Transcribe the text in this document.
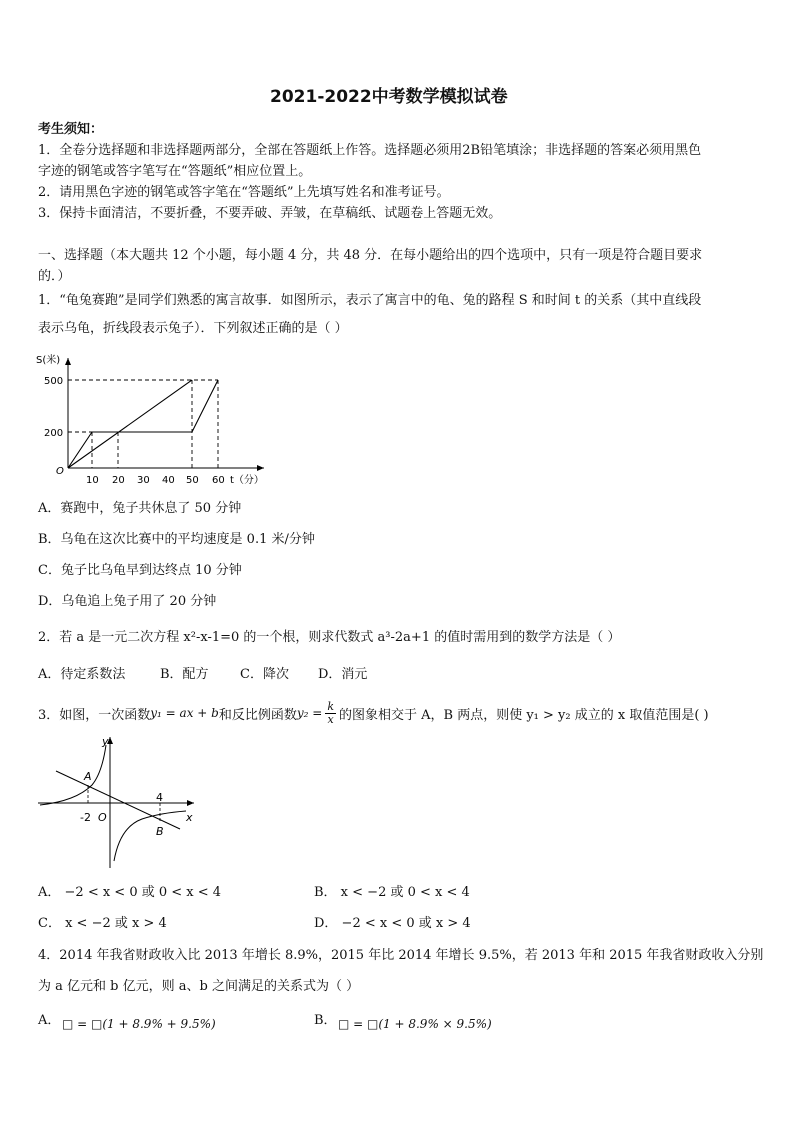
2021-2022中考数学模拟试卷
考生须知：
1．全卷分选择题和非选择题两部分，全部在答题纸上作答。选择题必须用2B铅笔填涂；非选择题的答案必须用黑色
字迹的钢笔或答字笔写在“答题纸”相应位置上。
2．请用黑色字迹的钢笔或答字笔在“答题纸”上先填写姓名和准考证号。
3．保持卡面清洁，不要折叠，不要弄破、弄皱，在草稿纸、试题卷上答题无效。
一、选择题（本大题共 12 个小题，每小题 4 分，共 48 分．在每小题给出的四个选项中，只有一项是符合题目要求
的．）
1．“龟兔赛跑”是同学们熟悉的寓言故事．如图所示，表示了寓言中的龟、兔的路程 S 和时间 t 的关系（其中直线段
表示乌龟，折线段表示兔子）．下列叙述正确的是（ ）
S(米)
500
200
O
10 20 30 40 50 60 t（分）
A．赛跑中，兔子共休息了 50 分钟
B．乌龟在这次比赛中的平均速度是 0.1 米/分钟
C．兔子比乌龟早到达终点 10 分钟
D．乌龟追上兔子用了 20 分钟
2．若 a 是一元二次方程 x²-x-1=0 的一个根，则求代数式 a³-2a+1 的值时需用到的数学方法是（ ）
A．待定系数法	B．配方 C．降次 D．消元
3．如图，一次函数 y₁ = ax + b 和反比例函数 $y_2 = \frac{k}{x}$ 的图象相交于 A，B 两点，则使 y₁ > y₂ 成立的 x 取值范围是( )
y
x
A
B
-2
4
O
A． −2 < x < 0 或 0 < x < 4	B． x < −2 或 0 < x < 4
C． x < −2 或 x > 4	D． −2 < x < 0 或 x > 4
4．2014 年我省财政收入比 2013 年增长 8.9%，2015 年比 2014 年增长 9.5%，若 2013 年和 2015 年我省财政收入分别
为 a 亿元和 b 亿元，则 a、b 之间满足的关系式为（ ）
A． □ = □(1 + 8.9% + 9.5%)	B． □ = □(1 + 8.9% × 9.5%)
